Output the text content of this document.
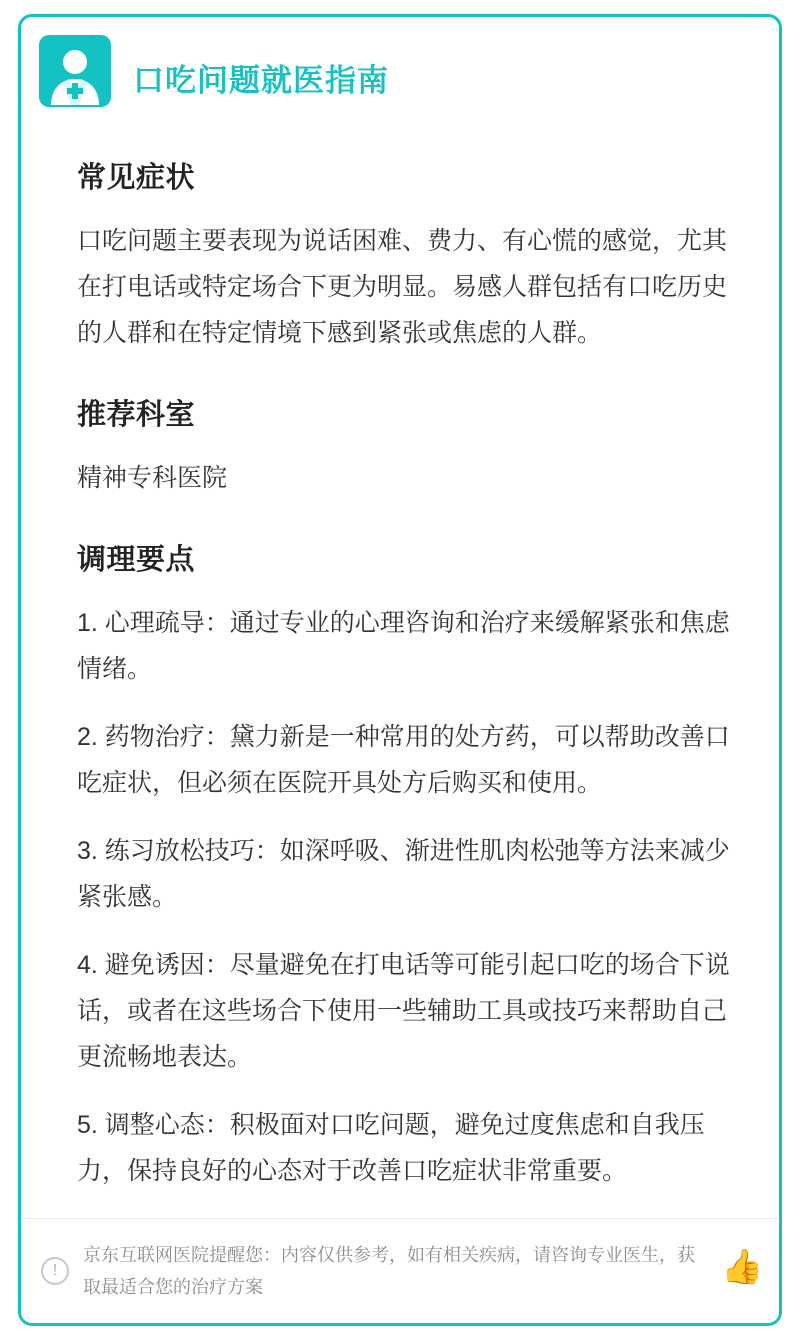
口吃问题就医指南
常见症状

口吃问题主要表现为说话困难、费力、有心慌的感觉，尤其在打电话或特定场合下更为明显。易感人群包括有口吃历史的人群和在特定情境下感到紧张或焦虑的人群。

推荐科室

精神专科医院

调理要点
1. 心理疏导：通过专业的心理咨询和治疗来缓解紧张和焦虑情绪。
2. 药物治疗：黛力新是一种常用的处方药，可以帮助改善口吃症状，但必须在医院开具处方后购买和使用。
3. 练习放松技巧：如深呼吸、渐进性肌肉松弛等方法来减少紧张感。
4. 避免诱因：尽量避免在打电话等可能引起口吃的场合下说话，或者在这些场合下使用一些辅助工具或技巧来帮助自己更流畅地表达。
5. 调整心态：积极面对口吃问题，避免过度焦虑和自我压力，保持良好的心态对于改善口吃症状非常重要。
!
京东互联网医院提醒您：内容仅供参考，如有相关疾病，请咨询专业医生，获取最适合您的治疗方案
👍
